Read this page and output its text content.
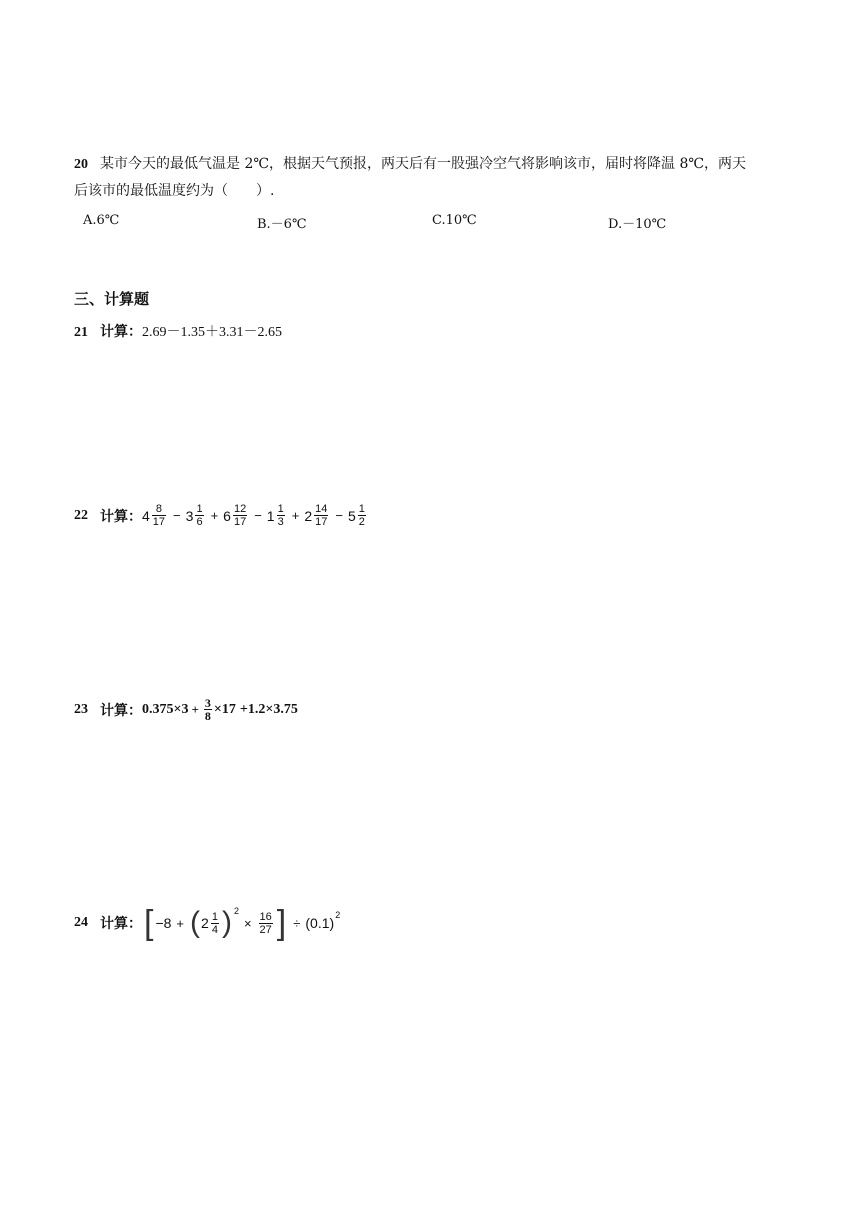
20 某市今天的最低气温是 2℃，根据天气预报，两天后有一股强冷空气将影响该市，届时将降温 8℃，两天
后该市的最低温度约为（　　）.
A.6℃	B.－6℃	C.10℃	D.－10℃
三、计算题
21 计算：2.69－1.35＋3.31－2.65
22 计算： $4 \frac{8}{17} - 3 \frac{1}{6} + 6 \frac{12}{17} - 1 \frac{1}{3} + 2 \frac{14}{17} - 5 \frac{1}{2}$
23 计算： $0.375\times 3 + \frac{3}{8} \times 17 +1.2\times 3.75$
24 计算： [ −8 + ( $2 \frac{1}{4}$ ) 2
× $\frac{16}{27}$ ] ÷ (0.1) 2
